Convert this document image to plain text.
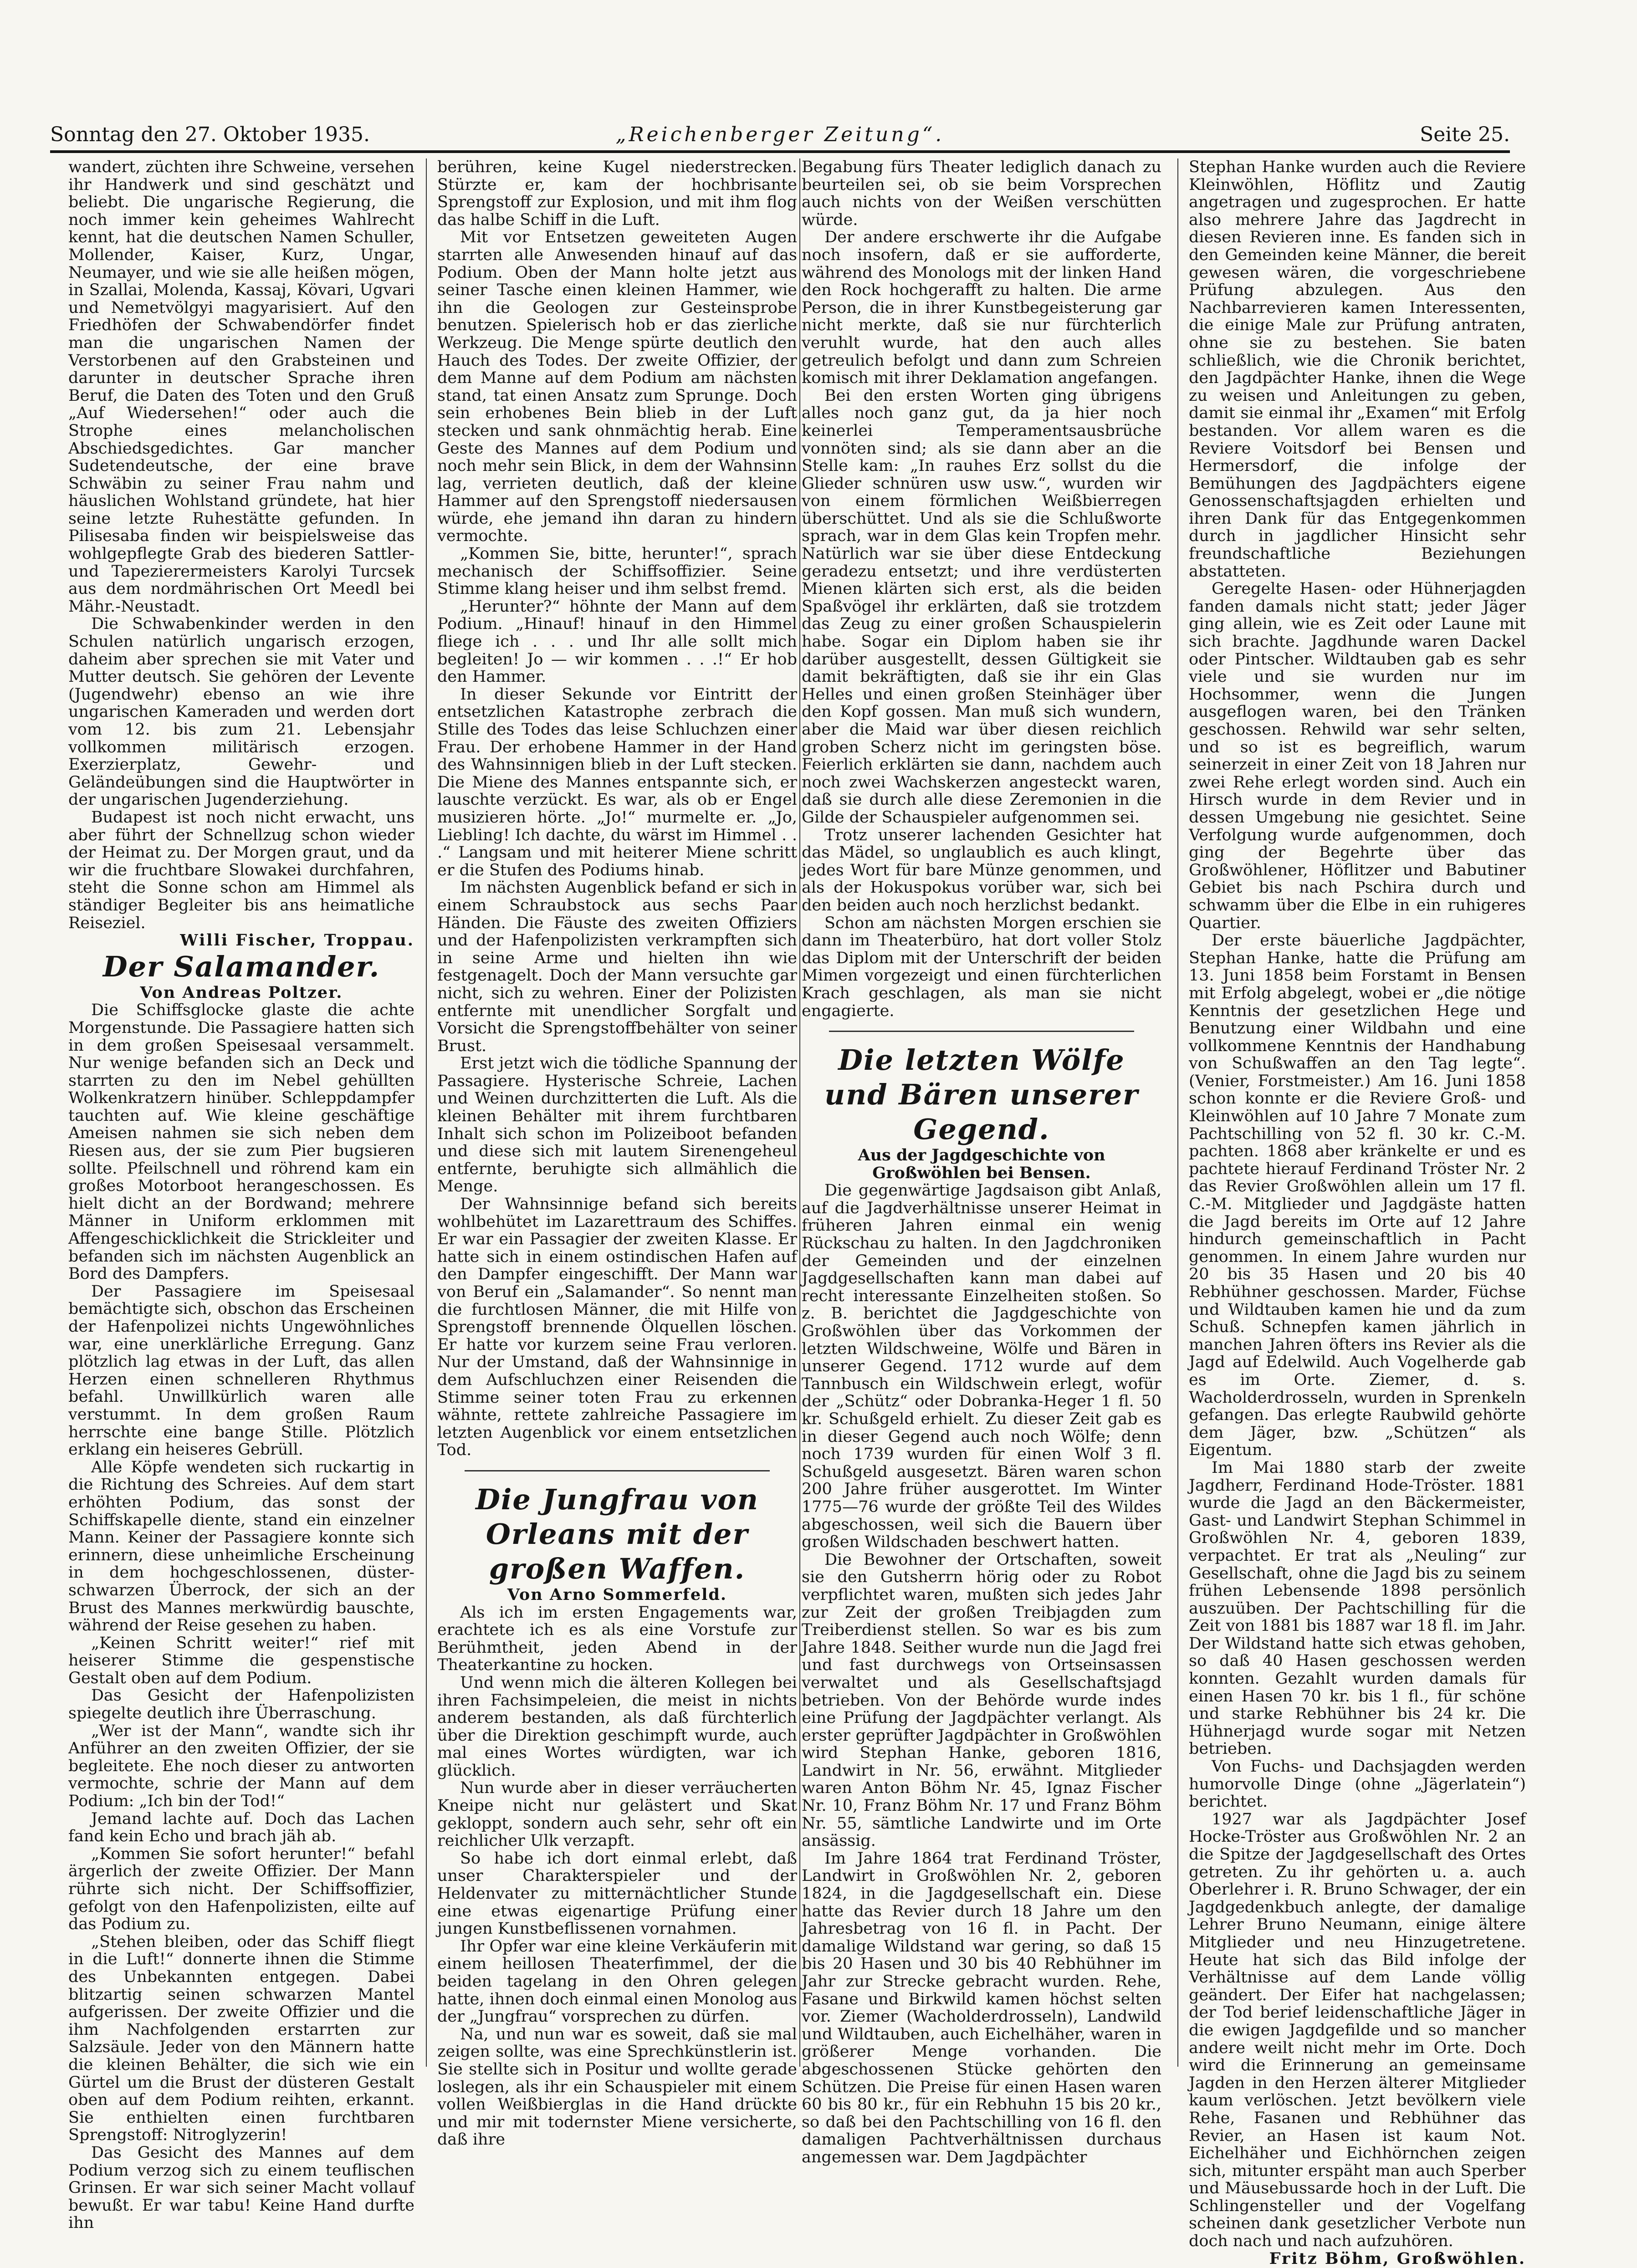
Sonntag den 27. Oktober 1935.	„Reichenberger Zeitung“.	Seite 25.

wandert, züchten ihre Schweine, versehen ihr Handwerk und sind geschätzt und beliebt. Die ungarische Regierung, die noch immer kein geheimes Wahlrecht kennt, hat die deutschen Namen Schuller, Mollender, Kaiser, Kurz, Ungar, Neumayer, und wie sie alle heißen mögen, in Szallai, Molenda, Kassaj, Kövari, Ugvari und Nemetvölgyi magyarisiert. Auf den Friedhöfen der Schwabendörfer findet man die ungarischen Namen der Verstorbenen auf den Grabsteinen und darunter in deutscher Sprache ihren Beruf, die Daten des Toten und den Gruß „Auf Wiedersehen!“ oder auch die Strophe eines melancholischen Abschiedsgedichtes. Gar mancher Sudetendeutsche, der eine brave Schwäbin zu seiner Frau nahm und häuslichen Wohlstand gründete, hat hier seine letzte Ruhestätte gefunden. In Pilisesaba finden wir beispielsweise das wohlgepflegte Grab des biederen Sattler- und Tapezierermeisters Karolyi Turcsek aus dem nordmährischen Ort Meedl bei Mähr.-Neustadt.

Die Schwabenkinder werden in den Schulen natürlich ungarisch erzogen, daheim aber sprechen sie mit Vater und Mutter deutsch. Sie gehören der Levente (Jugendwehr) ebenso an wie ihre ungarischen Kameraden und werden dort vom 12. bis zum 21. Lebensjahr vollkommen militärisch erzogen. Exerzierplatz, Gewehr- und Geländeübungen sind die Hauptwörter in der ungarischen Jugenderziehung.

Budapest ist noch nicht erwacht, uns aber führt der Schnellzug schon wieder der Heimat zu. Der Morgen graut, und da wir die fruchtbare Slowakei durchfahren, steht die Sonne schon am Himmel als ständiger Begleiter bis ans heimatliche Reiseziel.

Willi Fischer, Troppau.

Der Salamander.

Von Andreas Poltzer.

Die Schiffsglocke glaste die achte Morgenstunde. Die Passagiere hatten sich in dem großen Speisesaal versammelt. Nur wenige befanden sich an Deck und starrten zu den im Nebel gehüllten Wolkenkratzern hinüber. Schleppdampfer tauchten auf. Wie kleine geschäftige Ameisen nahmen sie sich neben dem Riesen aus, der sie zum Pier bugsieren sollte. Pfeilschnell und röhrend kam ein großes Motorboot herangeschossen. Es hielt dicht an der Bordwand; mehrere Männer in Uniform erklommen mit Affengeschicklichkeit die Strickleiter und befanden sich im nächsten Augenblick an Bord des Dampfers.

Der Passagiere im Speisesaal bemächtigte sich, obschon das Erscheinen der Hafenpolizei nichts Ungewöhnliches war, eine unerklärliche Erregung. Ganz plötzlich lag etwas in der Luft, das allen Herzen einen schnelleren Rhythmus befahl. Unwillkürlich waren alle verstummt. In dem großen Raum herrschte eine bange Stille. Plötzlich erklang ein heiseres Gebrüll.

Alle Köpfe wendeten sich ruckartig in die Richtung des Schreies. Auf dem start erhöhten Podium, das sonst der Schiffskapelle diente, stand ein einzelner Mann. Keiner der Passagiere konnte sich erinnern, diese unheimliche Erscheinung in dem hochgeschlossenen, düster-schwarzen Überrock, der sich an der Brust des Mannes merkwürdig bauschte, während der Reise gesehen zu haben.

„Keinen Schritt weiter!“ rief mit heiserer Stimme die gespenstische Gestalt oben auf dem Podium.

Das Gesicht der Hafenpolizisten spiegelte deutlich ihre Überraschung.

„Wer ist der Mann“, wandte sich ihr Anführer an den zweiten Offizier, der sie begleitete. Ehe noch dieser zu antworten vermochte, schrie der Mann auf dem Podium: „Ich bin der Tod!“

Jemand lachte auf. Doch das Lachen fand kein Echo und brach jäh ab.

„Kommen Sie sofort herunter!“ befahl ärgerlich der zweite Offizier. Der Mann rührte sich nicht. Der Schiffsoffizier, gefolgt von den Hafenpolizisten, eilte auf das Podium zu.

„Stehen bleiben, oder das Schiff fliegt in die Luft!“ donnerte ihnen die Stimme des Unbekannten entgegen. Dabei blitzartig seinen schwarzen Mantel aufgerissen. Der zweite Offizier und die ihm Nachfolgenden erstarrten zur Salzsäule. Jeder von den Männern hatte die kleinen Behälter, die sich wie ein Gürtel um die Brust der düsteren Gestalt oben auf dem Podium reihten, erkannt. Sie enthielten einen furchtbaren Sprengstoff: Nitroglyzerin!

Das Gesicht des Mannes auf dem Podium verzog sich zu einem teuflischen Grinsen. Er war sich seiner Macht vollauf bewußt. Er war tabu! Keine Hand durfte ihn

berühren, keine Kugel niederstrecken. Stürzte er, kam der hochbrisante Sprengstoff zur Explosion, und mit ihm flog das halbe Schiff in die Luft.

Mit vor Entsetzen geweiteten Augen starrten alle Anwesenden hinauf auf das Podium. Oben der Mann holte jetzt aus seiner Tasche einen kleinen Hammer, wie ihn die Geologen zur Gesteinsprobe benutzen. Spielerisch hob er das zierliche Werkzeug. Die Menge spürte deutlich den Hauch des Todes. Der zweite Offizier, der dem Manne auf dem Podium am nächsten stand, tat einen Ansatz zum Sprunge. Doch sein erhobenes Bein blieb in der Luft stecken und sank ohnmächtig herab. Eine Geste des Mannes auf dem Podium und noch mehr sein Blick, in dem der Wahnsinn lag, verrieten deutlich, daß der kleine Hammer auf den Sprengstoff niedersausen würde, ehe jemand ihn daran zu hindern vermochte.

„Kommen Sie, bitte, herunter!“, sprach mechanisch der Schiffsoffizier. Seine Stimme klang heiser und ihm selbst fremd.

„Herunter?“ höhnte der Mann auf dem Podium. „Hinauf! hinauf in den Himmel fliege ich . . . und Ihr alle sollt mich begleiten! Jo — wir kommen . . .!“ Er hob den Hammer.

In dieser Sekunde vor Eintritt der entsetzlichen Katastrophe zerbrach die Stille des Todes das leise Schluchzen einer Frau. Der erhobene Hammer in der Hand des Wahnsinnigen blieb in der Luft stecken. Die Miene des Mannes entspannte sich, er lauschte verzückt. Es war, als ob er Engel musizieren hörte. „Jo!“ murmelte er. „Jo, Liebling! Ich dachte, du wärst im Himmel . . .“ Langsam und mit heiterer Miene schritt er die Stufen des Podiums hinab.

Im nächsten Augenblick befand er sich in einem Schraubstock aus sechs Paar Händen. Die Fäuste des zweiten Offiziers und der Hafenpolizisten verkrampften sich in seine Arme und hielten ihn wie festgenagelt. Doch der Mann versuchte gar nicht, sich zu wehren. Einer der Polizisten entfernte mit unendlicher Sorgfalt und Vorsicht die Sprengstoffbehälter von seiner Brust.

Erst jetzt wich die tödliche Spannung der Passagiere. Hysterische Schreie, Lachen und Weinen durchzitterten die Luft. Als die kleinen Behälter mit ihrem furchtbaren Inhalt sich schon im Polizeiboot befanden und diese sich mit lautem Sirenengeheul entfernte, beruhigte sich allmählich die Menge.

Der Wahnsinnige befand sich bereits wohlbehütet im Lazarettraum des Schiffes. Er war ein Passagier der zweiten Klasse. Er hatte sich in einem ostindischen Hafen auf den Dampfer eingeschifft. Der Mann war von Beruf ein „Salamander“. So nennt man die furchtlosen Männer, die mit Hilfe von Sprengstoff brennende Ölquellen löschen. Er hatte vor kurzem seine Frau verloren. Nur der Umstand, daß der Wahnsinnige in dem Aufschluchzen einer Reisenden die Stimme seiner toten Frau zu erkennen wähnte, rettete zahlreiche Passagiere im letzten Augenblick vor einem entsetzlichen Tod.

Die Jungfrau von Orleans mit der großen Waffen.

Von Arno Sommerfeld.

Als ich im ersten Engagements war, erachtete ich es als eine Vorstufe zur Berühmtheit, jeden Abend in der Theaterkantine zu hocken.

Und wenn mich die älteren Kollegen bei ihren Fachsimpeleien, die meist in nichts anderem bestanden, als daß fürchterlich über die Direktion geschimpft wurde, auch mal eines Wortes würdigten, war ich glücklich.

Nun wurde aber in dieser verräucherten Kneipe nicht nur gelästert und Skat gekloppt, sondern auch sehr, sehr oft ein reichlicher Ulk verzapft.

So habe ich dort einmal erlebt, daß unser Charakterspieler und der Heldenvater zu mitternächtlicher Stunde eine etwas eigenartige Prüfung einer jungen Kunstbeflissenen vornahmen.

Ihr Opfer war eine kleine Verkäuferin mit einem heillosen Theaterfimmel, der die beiden tagelang in den Ohren gelegen hatte, ihnen doch einmal einen Monolog aus der „Jungfrau“ vorsprechen zu dürfen.

Na, und nun war es soweit, daß sie mal zeigen sollte, was eine Sprechkünstlerin ist. Sie stellte sich in Positur und wollte gerade loslegen, als ihr ein Schauspieler mit einem vollen Weißbierglas in die Hand drückte und mir mit todernster Miene versicherte, daß ihre

Begabung fürs Theater lediglich danach zu beurteilen sei, ob sie beim Vorsprechen auch nichts von der Weißen verschütten würde.

Der andere erschwerte ihr die Aufgabe noch insofern, daß er sie aufforderte, während des Monologs mit der linken Hand den Rock hochgerafft zu halten. Die arme Person, die in ihrer Kunstbegeisterung gar nicht merkte, daß sie nur fürchterlich veruhlt wurde, hat den auch alles getreulich befolgt und dann zum Schreien komisch mit ihrer Deklamation angefangen.

Bei den ersten Worten ging übrigens alles noch ganz gut, da ja hier noch keinerlei Temperamentsausbrüche vonnöten sind; als sie dann aber an die Stelle kam: „In rauhes Erz sollst du die Glieder schnüren usw usw.“, wurden wir von einem förmlichen Weißbierregen überschüttet. Und als sie die Schlußworte sprach, war in dem Glas kein Tropfen mehr. Natürlich war sie über diese Entdeckung geradezu entsetzt; und ihre verdüsterten Mienen klärten sich erst, als die beiden Spaßvögel ihr erklärten, daß sie trotzdem das Zeug zu einer großen Schauspielerin habe. Sogar ein Diplom haben sie ihr darüber ausgestellt, dessen Gültigkeit sie damit bekräftigten, daß sie ihr ein Glas Helles und einen großen Steinhäger über den Kopf gossen. Man muß sich wundern, aber die Maid war über diesen reichlich groben Scherz nicht im geringsten böse. Feierlich erklärten sie dann, nachdem auch noch zwei Wachskerzen angesteckt waren, daß sie durch alle diese Zeremonien in die Gilde der Schauspieler aufgenommen sei.

Trotz unserer lachenden Gesichter hat das Mädel, so unglaublich es auch klingt, jedes Wort für bare Münze genommen, und als der Hokuspokus vorüber war, sich bei den beiden auch noch herzlichst bedankt.

Schon am nächsten Morgen erschien sie dann im Theaterbüro, hat dort voller Stolz das Diplom mit der Unterschrift der beiden Mimen vorgezeigt und einen fürchterlichen Krach geschlagen, als man sie nicht engagierte.

Die letzten Wölfe und Bären unserer Gegend.

Aus der Jagdgeschichte von Großwöhlen bei Bensen.

Die gegenwärtige Jagdsaison gibt Anlaß, auf die Jagdverhältnisse unserer Heimat in früheren Jahren einmal ein wenig Rückschau zu halten. In den Jagdchroniken der Gemeinden und der einzelnen Jagdgesellschaften kann man dabei auf recht interessante Einzelheiten stoßen. So z. B. berichtet die Jagdgeschichte von Großwöhlen über das Vorkommen der letzten Wildschweine, Wölfe und Bären in unserer Gegend. 1712 wurde auf dem Tannbusch ein Wildschwein erlegt, wofür der „Schütz“ oder Dobranka-Heger 1 fl. 50 kr. Schußgeld erhielt. Zu dieser Zeit gab es in dieser Gegend auch noch Wölfe; denn noch 1739 wurden für einen Wolf 3 fl. Schußgeld ausgesetzt. Bären waren schon 200 Jahre früher ausgerottet. Im Winter 1775—76 wurde der größte Teil des Wildes abgeschossen, weil sich die Bauern über großen Wildschaden beschwert hatten.

Die Bewohner der Ortschaften, soweit sie den Gutsherrn hörig oder zu Robot verpflichtet waren, mußten sich jedes Jahr zur Zeit der großen Treibjagden zum Treiberdienst stellen. So war es bis zum Jahre 1848. Seither wurde nun die Jagd frei und fast durchwegs von Ortseinsassen verwaltet und als Gesellschaftsjagd betrieben. Von der Behörde wurde indes eine Prüfung der Jagdpächter verlangt. Als erster geprüfter Jagdpächter in Großwöhlen wird Stephan Hanke, geboren 1816, Landwirt in Nr. 56, erwähnt. Mitglieder waren Anton Böhm Nr. 45, Ignaz Fischer Nr. 10, Franz Böhm Nr. 17 und Franz Böhm Nr. 55, sämtliche Landwirte und im Orte ansässig.

Im Jahre 1864 trat Ferdinand Tröster, Landwirt in Großwöhlen Nr. 2, geboren 1824, in die Jagdgesellschaft ein. Diese hatte das Revier durch 18 Jahre um den Jahresbetrag von 16 fl. in Pacht. Der damalige Wildstand war gering, so daß 15 bis 20 Hasen und 30 bis 40 Rebhühner im Jahr zur Strecke gebracht wurden. Rehe, Fasane und Birkwild kamen höchst selten vor. Ziemer (Wacholderdrosseln), Landwild und Wildtauben, auch Eichelhäher, waren in größerer Menge vorhanden. Die abgeschossenen Stücke gehörten den Schützen. Die Preise für einen Hasen waren 60 bis 80 kr., für ein Rebhuhn 15 bis 20 kr., so daß bei den Pachtschilling von 16 fl. den damaligen Pachtverhältnissen durchaus angemessen war. Dem Jagdpächter

Stephan Hanke wurden auch die Reviere Kleinwöhlen, Höflitz und Zautig angetragen und zugesprochen. Er hatte also mehrere Jahre das Jagdrecht in diesen Revieren inne. Es fanden sich in den Gemeinden keine Männer, die bereit gewesen wären, die vorgeschriebene Prüfung abzulegen. Aus den Nachbarrevieren kamen Interessenten, die einige Male zur Prüfung antraten, ohne sie zu bestehen. Sie baten schließlich, wie die Chronik berichtet, den Jagdpächter Hanke, ihnen die Wege zu weisen und Anleitungen zu geben, damit sie einmal ihr „Examen“ mit Erfolg bestanden. Vor allem waren es die Reviere Voitsdorf bei Bensen und Hermersdorf, die infolge der Bemühungen des Jagdpächters eigene Genossenschaftsjagden erhielten und ihren Dank für das Entgegenkommen durch in jagdlicher Hinsicht sehr freundschaftliche Beziehungen abstatteten.

Geregelte Hasen- oder Hühnerjagden fanden damals nicht statt; jeder Jäger ging allein, wie es Zeit oder Laune mit sich brachte. Jagdhunde waren Dackel oder Pintscher. Wildtauben gab es sehr viele und sie wurden nur im Hochsommer, wenn die Jungen ausgeflogen waren, bei den Tränken geschossen. Rehwild war sehr selten, und so ist es begreiflich, warum seinerzeit in einer Zeit von 18 Jahren nur zwei Rehe erlegt worden sind. Auch ein Hirsch wurde in dem Revier und in dessen Umgebung nie gesichtet. Seine Verfolgung wurde aufgenommen, doch ging der Begehrte über das Großwöhlener, Höflitzer und Babutiner Gebiet bis nach Pschira durch und schwamm über die Elbe in ein ruhigeres Quartier.

Der erste bäuerliche Jagdpächter, Stephan Hanke, hatte die Prüfung am 13. Juni 1858 beim Forstamt in Bensen mit Erfolg abgelegt, wobei er „die nötige Kenntnis der gesetzlichen Hege und Benutzung einer Wildbahn und eine vollkommene Kenntnis der Handhabung von Schußwaffen an den Tag legte“. (Venier, Forstmeister.) Am 16. Juni 1858 schon konnte er die Reviere Groß- und Kleinwöhlen auf 10 Jahre 7 Monate zum Pachtschilling von 52 fl. 30 kr. C.-M. pachten. 1868 aber kränkelte er und es pachtete hierauf Ferdinand Tröster Nr. 2 das Revier Großwöhlen allein um 17 fl. C.-M. Mitglieder und Jagdgäste hatten die Jagd bereits im Orte auf 12 Jahre hindurch gemeinschaftlich in Pacht genommen. In einem Jahre wurden nur 20 bis 35 Hasen und 20 bis 40 Rebhühner geschossen. Marder, Füchse und Wildtauben kamen hie und da zum Schuß. Schnepfen kamen jährlich in manchen Jahren öfters ins Revier als die Jagd auf Edelwild. Auch Vogelherde gab es im Orte. Ziemer, d. s. Wacholderdrosseln, wurden in Sprenkeln gefangen. Das erlegte Raubwild gehörte dem Jäger, bzw. „Schützen“ als Eigentum.

Im Mai 1880 starb der zweite Jagdherr, Ferdinand Hode-Tröster. 1881 wurde die Jagd an den Bäckermeister, Gast- und Landwirt Stephan Schimmel in Großwöhlen Nr. 4, geboren 1839, verpachtet. Er trat als „Neuling“ zur Gesellschaft, ohne die Jagd bis zu seinem frühen Lebensende 1898 persönlich auszuüben. Der Pachtschilling für die Zeit von 1881 bis 1887 war 18 fl. im Jahr. Der Wildstand hatte sich etwas gehoben, so daß 40 Hasen geschossen werden konnten. Gezahlt wurden damals für einen Hasen 70 kr. bis 1 fl., für schöne und starke Rebhühner bis 24 kr. Die Hühnerjagd wurde sogar mit Netzen betrieben.

Von Fuchs- und Dachsjagden werden humorvolle Dinge (ohne „Jägerlatein“) berichtet.

1927 war als Jagdpächter Josef Hocke-Tröster aus Großwöhlen Nr. 2 an die Spitze der Jagdgesellschaft des Ortes getreten. Zu ihr gehörten u. a. auch Oberlehrer i. R. Bruno Schwager, der ein Jagdgedenkbuch anlegte, der damalige Lehrer Bruno Neumann, einige ältere Mitglieder und neu Hinzugetretene. Heute hat sich das Bild infolge der Verhältnisse auf dem Lande völlig geändert. Der Eifer hat nachgelassen; der Tod berief leidenschaftliche Jäger in die ewigen Jagdgefilde und so mancher andere weilt nicht mehr im Orte. Doch wird die Erinnerung an gemeinsame Jagden in den Herzen älterer Mitglieder kaum verlöschen. Jetzt bevölkern viele Rehe, Fasanen und Rebhühner das Revier, an Hasen ist kaum Not. Eichelhäher und Eichhörnchen zeigen sich, mitunter erspäht man auch Sperber und Mäusebussarde hoch in der Luft. Die Schlingensteller und der Vogelfang scheinen dank gesetzlicher Verbote nun doch nach und nach aufzuhören.

Fritz Böhm, Großwöhlen.
